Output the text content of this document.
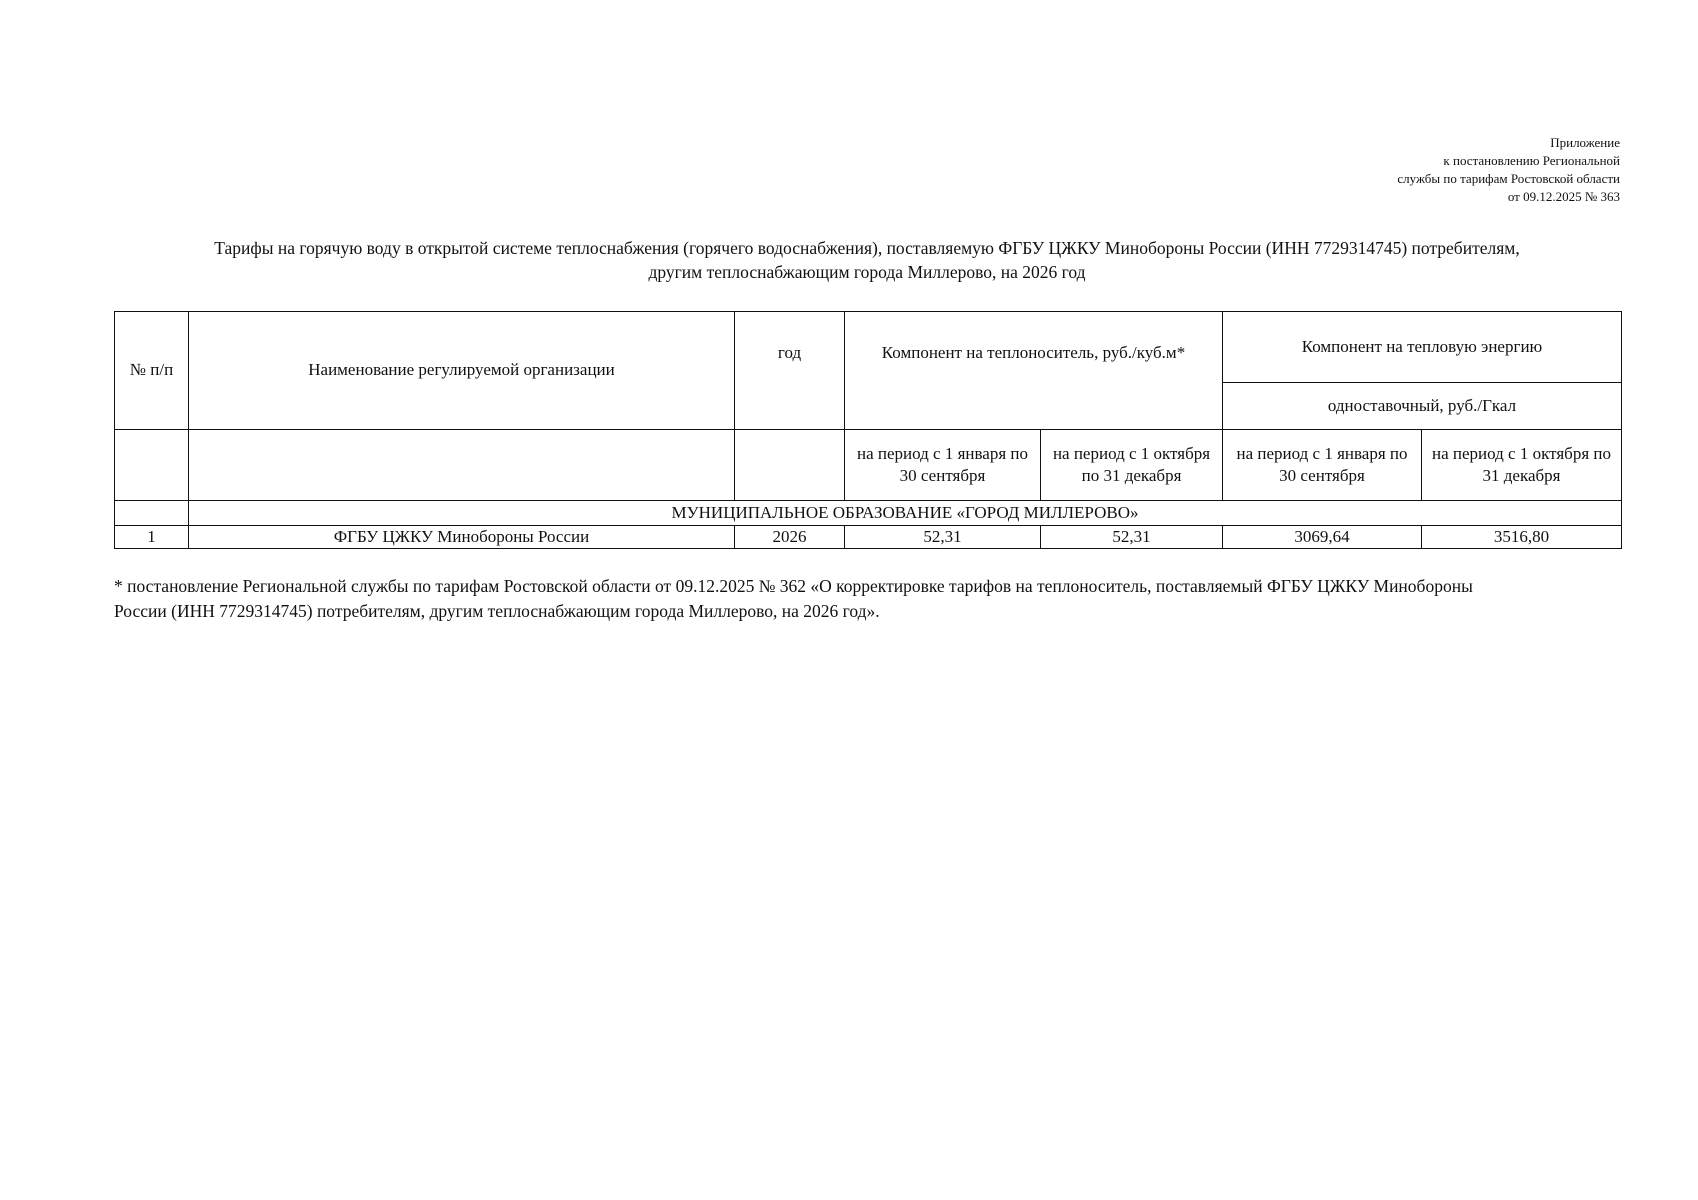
Приложение
к постановлению Региональной
службы по тарифам Ростовской области
от 09.12.2025 № 363
Тарифы на горячую воду в открытой системе теплоснабжения (горячего водоснабжения), поставляемую ФГБУ ЦЖКУ Минобороны России (ИНН 7729314745) потребителям,
другим теплоснабжающим города Миллерово, на 2026 год
№ п/п	Наименование регулируемой организации	год	Компонент на теплоноситель, руб./куб.м*		Компонент на тепловую энергию	
					одноставочный, руб./Гкал	
			на период с 1 января по 30 сентября	на период с 1 октября по 31 декабря	на период с 1 января по 30 сентября	на период с 1 октября по 31 декабря
	МУНИЦИПАЛЬНОЕ ОБРАЗОВАНИЕ «ГОРОД МИЛЛЕРОВО»					
1	ФГБУ ЦЖКУ Минобороны России	2026	52,31	52,31	3069,64	3516,80
* постановление Региональной службы по тарифам Ростовской области от 09.12.2025 № 362 «О корректировке тарифов на теплоноситель, поставляемый ФГБУ ЦЖКУ Минобороны
России (ИНН 7729314745) потребителям, другим теплоснабжающим города Миллерово, на 2026 год».
